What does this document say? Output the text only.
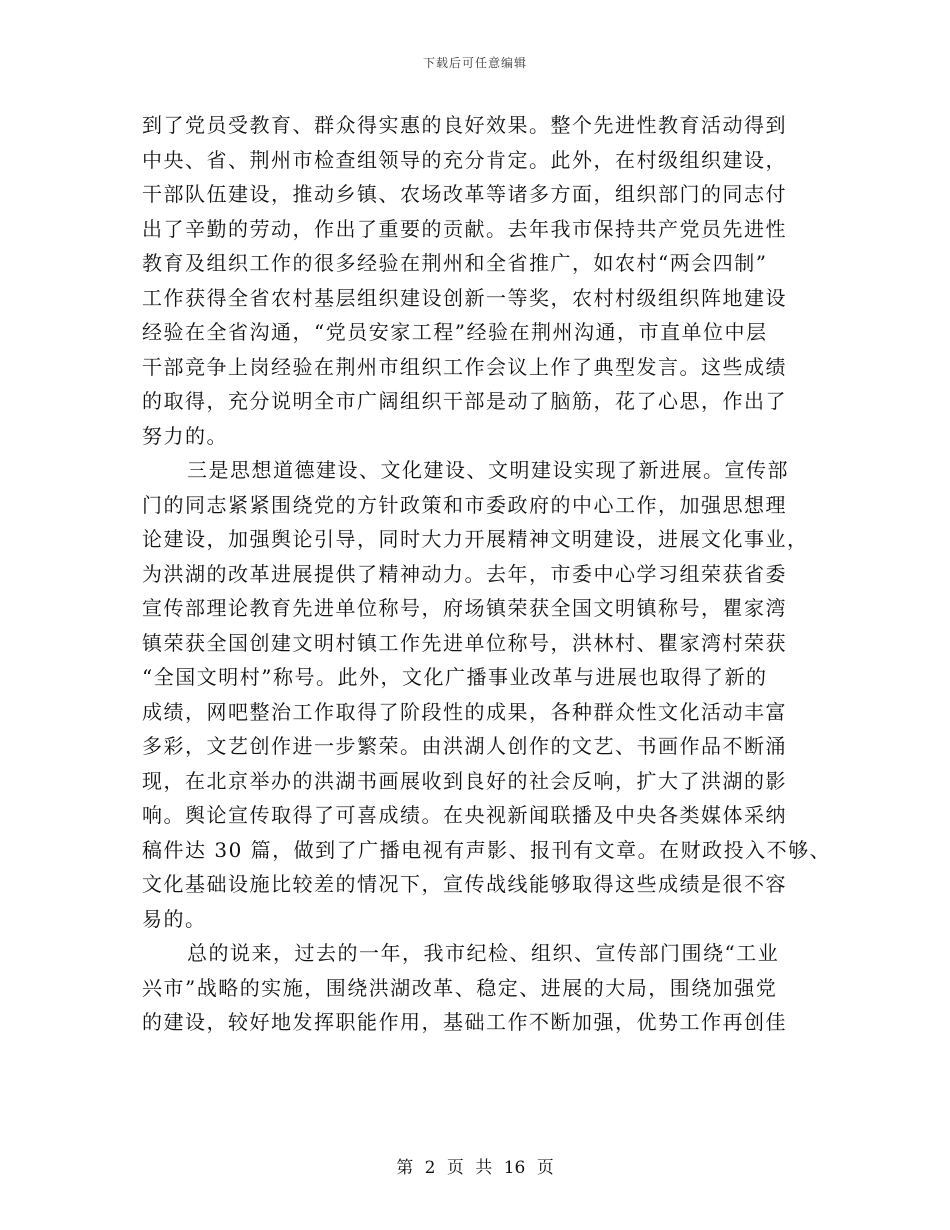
下载后可任意编辑
到了党员受教育、群众得实惠的良好效果。整个先进性教育活动得到
中央、省、荆州市检查组领导的充分肯定。此外，在村级组织建设，
干部队伍建设，推动乡镇、农场改革等诸多方面，组织部门的同志付
出了辛勤的劳动，作出了重要的贡献。去年我市保持共产党员先进性
教育及组织工作的很多经验在荆州和全省推广，如农村“两会四制”
工作获得全省农村基层组织建设创新一等奖，农村村级组织阵地建设
经验在全省沟通，“党员安家工程”经验在荆州沟通，市直单位中层
干部竞争上岗经验在荆州市组织工作会议上作了典型发言。这些成绩
的取得，充分说明全市广阔组织干部是动了脑筋，花了心思，作出了
努力的。
三是思想道德建设、文化建设、文明建设实现了新进展。宣传部
门的同志紧紧围绕党的方针政策和市委政府的中心工作，加强思想理
论建设，加强舆论引导，同时大力开展精神文明建设，进展文化事业，
为洪湖的改革进展提供了精神动力。去年，市委中心学习组荣获省委
宣传部理论教育先进单位称号，府场镇荣获全国文明镇称号，瞿家湾
镇荣获全国创建文明村镇工作先进单位称号，洪林村、瞿家湾村荣获
“全国文明村”称号。此外，文化广播事业改革与进展也取得了新的
成绩，网吧整治工作取得了阶段性的成果，各种群众性文化活动丰富
多彩，文艺创作进一步繁荣。由洪湖人创作的文艺、书画作品不断涌
现，在北京举办的洪湖书画展收到良好的社会反响，扩大了洪湖的影
响。舆论宣传取得了可喜成绩。在央视新闻联播及中央各类媒体采纳
稿件达 30 篇，做到了广播电视有声影、报刊有文章。在财政投入不够、
文化基础设施比较差的情况下，宣传战线能够取得这些成绩是很不容
易的。
总的说来，过去的一年，我市纪检、组织、宣传部门围绕“工业
兴市”战略的实施，围绕洪湖改革、稳定、进展的大局，围绕加强党
的建设，较好地发挥职能作用，基础工作不断加强，优势工作再创佳
第 2 页 共 16 页
